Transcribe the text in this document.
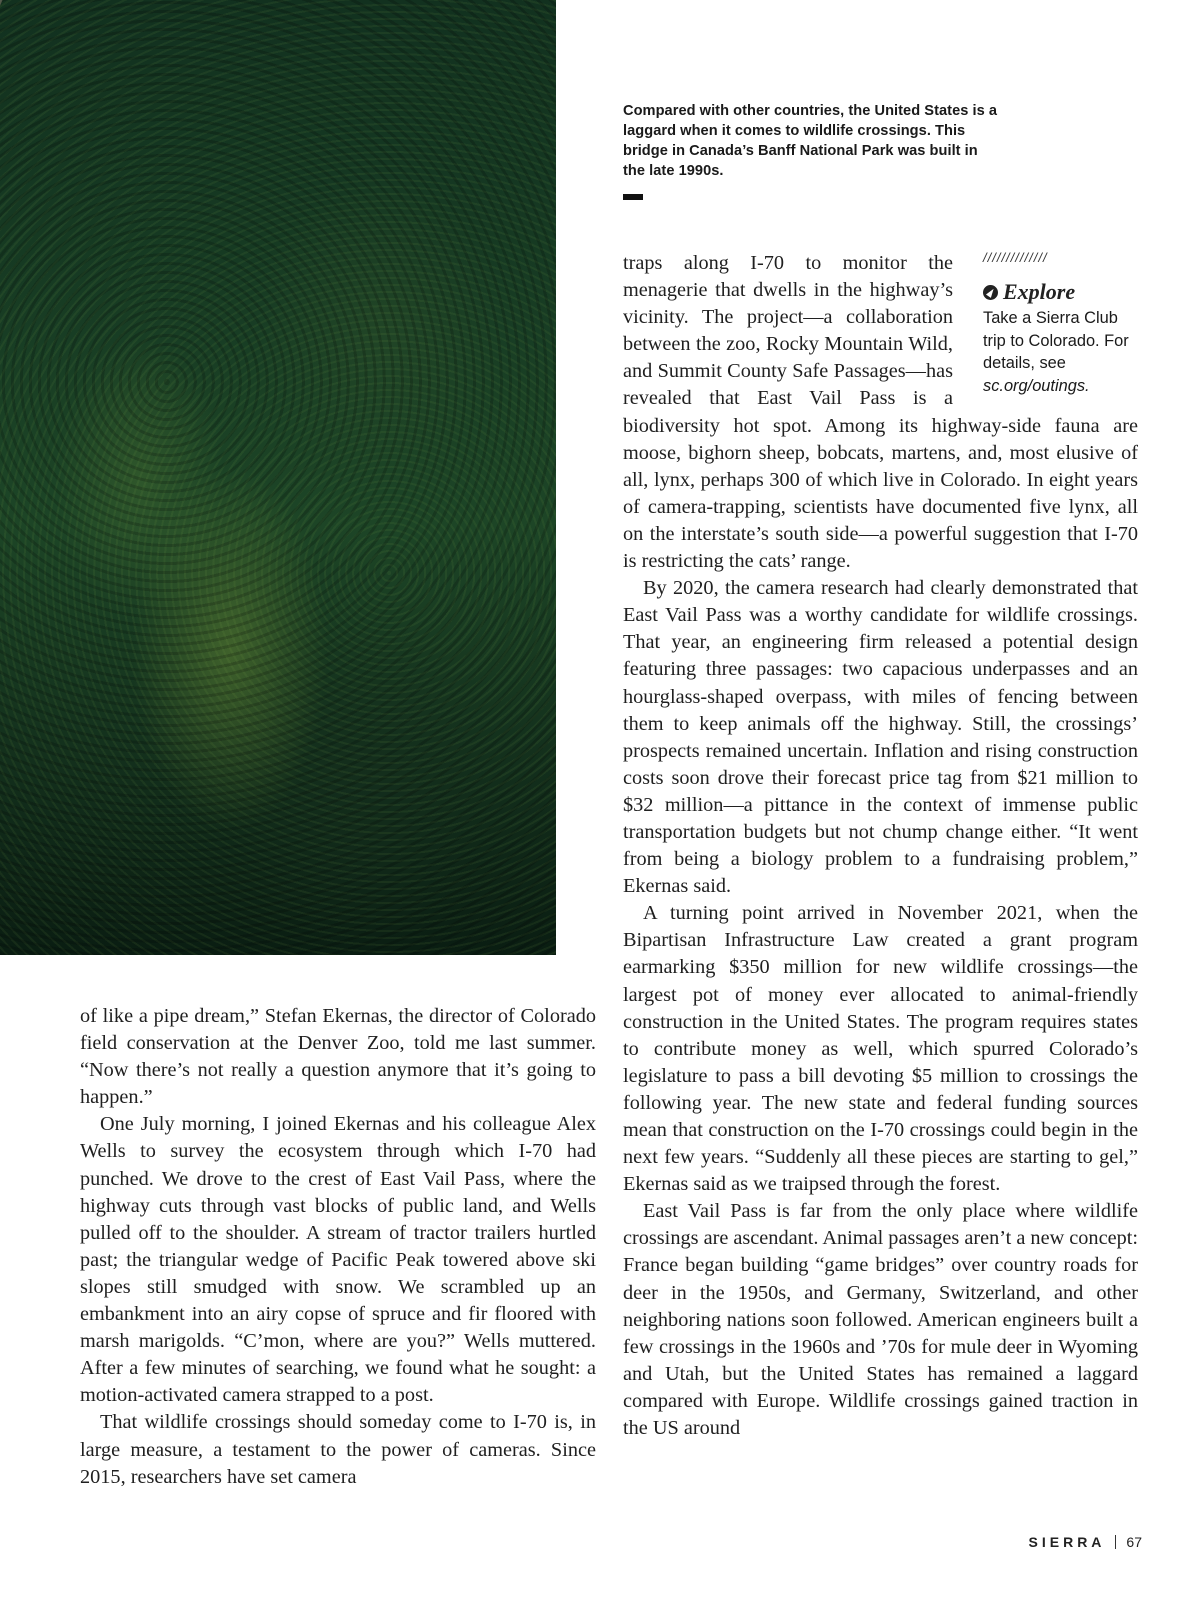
Compared with other countries, the United States is a laggard when it comes to wildlife crossings. This bridge in Canada’s Banff National Park was built in the late 1990s.

of like a pipe dream,” Stefan Ekernas, the director of Colorado field conservation at the Denver Zoo, told me last summer. “Now there’s not really a question anymore that it’s going to happen.”

One July morning, I joined Ekernas and his colleague Alex Wells to survey the ecosystem through which I-70 had punched. We drove to the crest of East Vail Pass, where the highway cuts through vast blocks of public land, and Wells pulled off to the shoulder. A stream of tractor trailers hurtled past; the triangular wedge of Pacific Peak towered above ski slopes still smudged with snow. We scrambled up an embankment into an airy copse of spruce and fir floored with marsh marigolds. “C’mon, where are you?” Wells muttered. After a few minutes of searching, we found what he sought: a motion-activated camera strapped to a post.

That wildlife crossings should someday come to I-70 is, in large measure, a testament to the power of cameras. Since 2015, researchers have set camera

traps along I-70 to monitor the menagerie that dwells in the highway’s vicinity. The project—a collaboration between the zoo, Rocky Mountain Wild, and Summit County Safe Passages—has revealed that East Vail Pass is a biodiversity hot spot. Among its highway-side fauna are moose, bighorn sheep, bobcats, martens, and, most elusive of all, lynx, perhaps 300 of which live in Colorado. In eight years of camera-trapping, scientists have documented five lynx, all on the interstate’s south side—a powerful suggestion that I-70 is restricting the cats’ range.

By 2020, the camera research had clearly demonstrated that East Vail Pass was a worthy candidate for wildlife crossings. That year, an engineering firm released a potential design featuring three passages: two capacious underpasses and an hourglass-shaped overpass, with miles of fencing between them to keep animals off the highway. Still, the crossings’ prospects remained uncertain. Inflation and rising construction costs soon drove their forecast price tag from $21 million to $32 million—a pittance in the context of immense public transportation budgets but not chump change either. “It went from being a biology problem to a fundraising problem,” Ekernas said.

A turning point arrived in November 2021, when the Bipartisan Infrastructure Law created a grant program earmarking $350 million for new wildlife crossings—the largest pot of money ever allocated to animal-friendly construction in the United States. The program requires states to contribute money as well, which spurred Colorado’s legislature to pass a bill devoting $5 million to crossings the following year. The new state and federal funding sources mean that construction on the I-70 crossings could begin in the next few years. “Suddenly all these pieces are starting to gel,” Ekernas said as we traipsed through the forest.

East Vail Pass is far from the only place where wildlife crossings are ascendant. Animal passages aren’t a new concept: France began building “game bridges” over country roads for deer in the 1950s, and Germany, Switzerland, and other neighboring nations soon followed. American engineers built a few crossings in the 1960s and ’70s for mule deer in Wyoming and Utah, but the United States has remained a laggard compared with Europe. Wildlife crossings gained traction in the US around

//////////////
Explore
Take a Sierra Club trip to Colorado. For details, see sc.org/outings.
SIERRA 67
